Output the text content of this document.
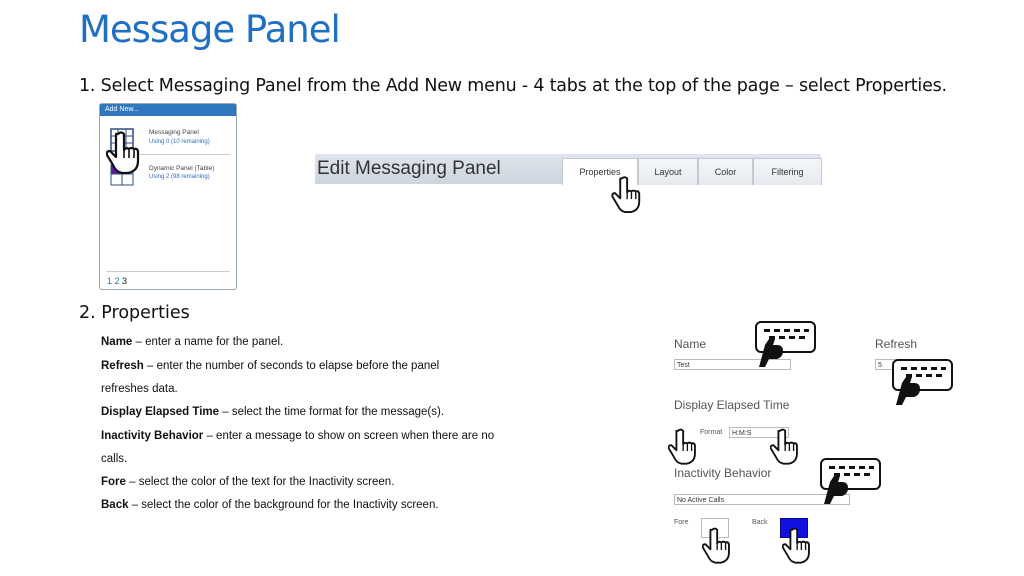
Message Panel
1. Select Messaging Panel from the Add New menu - 4 tabs at the top of the page – select Properties.
Add New...
Messaging Panel
Using 0 (10 remaining)
Dynamic Panel (Table)
Using 2 (98 remaining)
1 2 3
Edit Messaging Panel	Properties	Layout	Color	Filtering
2. Properties
Name – enter a name for the panel.
Refresh – enter the number of seconds to elapse before the panel
refreshes data.
Display Elapsed Time – select the time format for the message(s).
Inactivity Behavior – enter a message to show on screen when there are no
calls.
Fore – select the color of the text for the Inactivity screen.
Back – select the color of the background for the Inactivity screen.
Name
Test
Refresh
5
Display Elapsed Time
Format	H:M:S
Inactivity Behavior
No Active Calls
Fore	Back
